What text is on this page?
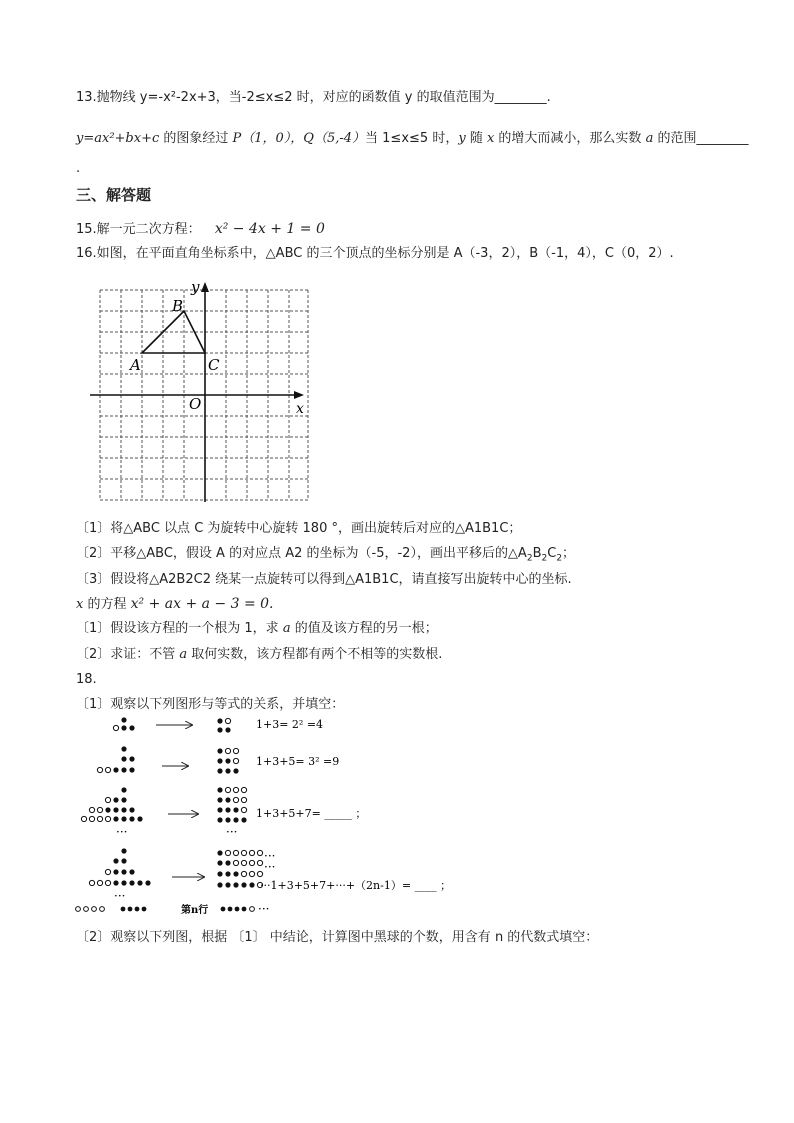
13.抛物线 y=-x²-2x+3，当-2≤x≤2 时，对应的函数值 y 的取值范围为________.
y=ax²+bx+c 的图象经过 P（1，0），Q（5,-4）当 1≤x≤5 时，y 随 x 的增大而减小，那么实数 a 的范围________
.
三、解答题
15.解一元二次方程： x² − 4x + 1 = 0
16.如图，在平面直角坐标系中，△ABC 的三个顶点的坐标分别是 A（-3，2），B（-1，4），C（0，2）.
y
x
B
A	C
O
〔1〕将△ABC 以点 C 为旋转中心旋转 180 °，画出旋转后对应的△A1B1C；
〔2〕平移△ABC，假设 A 的对应点 A2 的坐标为（-5，-2），画出平移后的$\triangle A_2B_2C_2$；
〔3〕假设将△A2B2C2 绕某一点旋转可以得到△A1B1C，请直接写出旋转中心的坐标.
x 的方程 x² + ax + a − 3 = 0.
〔1〕假设该方程的一个根为 1，求 a 的值及该方程的另一根；
〔2〕求证：不管 a 取何实数，该方程都有两个不相等的实数根.
18.
〔1〕观察以下列图形与等式的关系，并填空：
···	···
···
···
···
···
第n行
1+3= 2² =4
1+3+5= 3² =9
1+3+5+7= _____ ；
···1+3+5+7+···+（2n-1）= ____ ；
〔2〕观察以下列图，根据 〔1〕 中结论，计算图中黑球的个数，用含有 n 的代数式填空：
